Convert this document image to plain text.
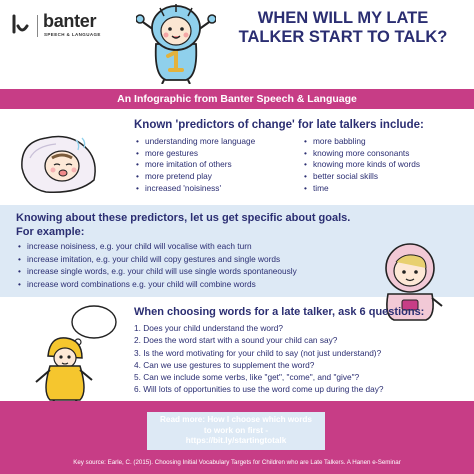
banter
SPEECH & LANGUAGE
WHEN WILL MY LATE TALKER START TO TALK?
An Infographic from Banter Speech & Language
Known 'predictors of change' for late talkers include:
• understanding more language
• more gestures
• more imitation of others
• more pretend play
• increased 'noisiness'
• more babbling
• knowing more consonants
• knowing more kinds of words
• better social skills
• time
Knowing about these predictors, let us get specific about goals.
For example:
• increase noisiness, e.g. your child will vocalise with each turn
• increase imitation, e.g. your child will copy gestures and single words
• increase single words, e.g. your child will use single words spontaneously
• increase word combinations e.g. your child will combine words
When choosing words for a late talker, ask 6 questions:
1. Does your child understand the word?
2. Does the word start with a sound your child can say?
3. Is the word motivating for your child to say (not just understand)?
4. Can we use gestures to supplement the word?
5. Can we include some verbs, like "get", "come", and "give"?
6. Will lots of opportunities to use the word come up during the day?
Read more: How I choose which words
to work on first -
https://bit.ly/startingtotalk
Key source: Earle, C. (2015). Choosing Initial Vocabulary Targets for Children who are Late Talkers. A Hanen e-Seminar
